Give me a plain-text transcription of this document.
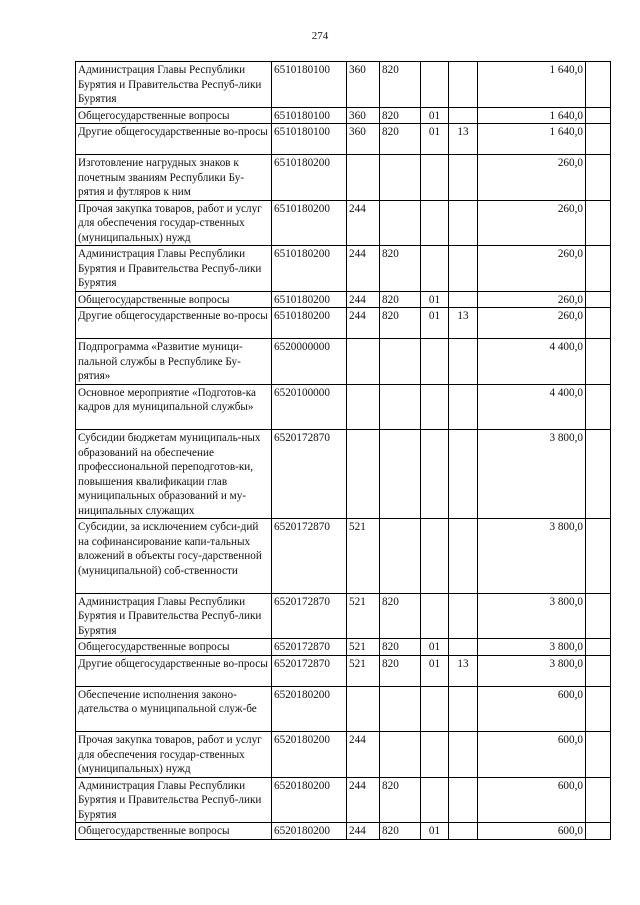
274
Администрация Главы Республики Бурятия и Правительства Респуб-лики Бурятия	6510180100	360	820			1 640,0	
Общегосударственные вопросы	6510180100	360	820	01		1 640,0	
Другие общегосударственные во-просы	6510180100	360	820	01	13	1 640,0	
Изготовление нагрудных знаков к почетным званиям Республики Бу-рятия и футляров к ним	6510180200					260,0	
Прочая закупка товаров, работ и услуг для обеспечения государ-ственных (муниципальных) нужд	6510180200	244				260,0	
Администрация Главы Республики Бурятия и Правительства Респуб-лики Бурятия	6510180200	244	820			260,0	
Общегосударственные вопросы	6510180200	244	820	01		260,0	
Другие общегосударственные во-просы	6510180200	244	820	01	13	260,0	
Подпрограмма «Развитие муници-пальной службы в Республике Бу-рятия»	6520000000					4 400,0	
Основное мероприятие «Подготов-ка кадров для муниципальной службы»	6520100000					4 400,0	
Субсидии бюджетам муниципаль-ных образований на обеспечение профессиональной переподготов-ки, повышения квалификации глав муниципальных образований и му-ниципальных служащих	6520172870					3 800,0	
Субсидии, за исключением субси-дий на софинансирование капи-тальных вложений в объекты госу-дарственной (муниципальной) соб-ственности	6520172870	521				3 800,0	
Администрация Главы Республики Бурятия и Правительства Респуб-лики Бурятия	6520172870	521	820			3 800,0	
Общегосударственные вопросы	6520172870	521	820	01		3 800,0	
Другие общегосударственные во-просы	6520172870	521	820	01	13	3 800,0	
Обеспечение исполнения законо-дательства о муниципальной служ-бе	6520180200					600,0	
Прочая закупка товаров, работ и услуг для обеспечения государ-ственных (муниципальных) нужд	6520180200	244				600,0	
Администрация Главы Республики Бурятия и Правительства Респуб-лики Бурятия	6520180200	244	820			600,0	
Общегосударственные вопросы	6520180200	244	820	01		600,0	
